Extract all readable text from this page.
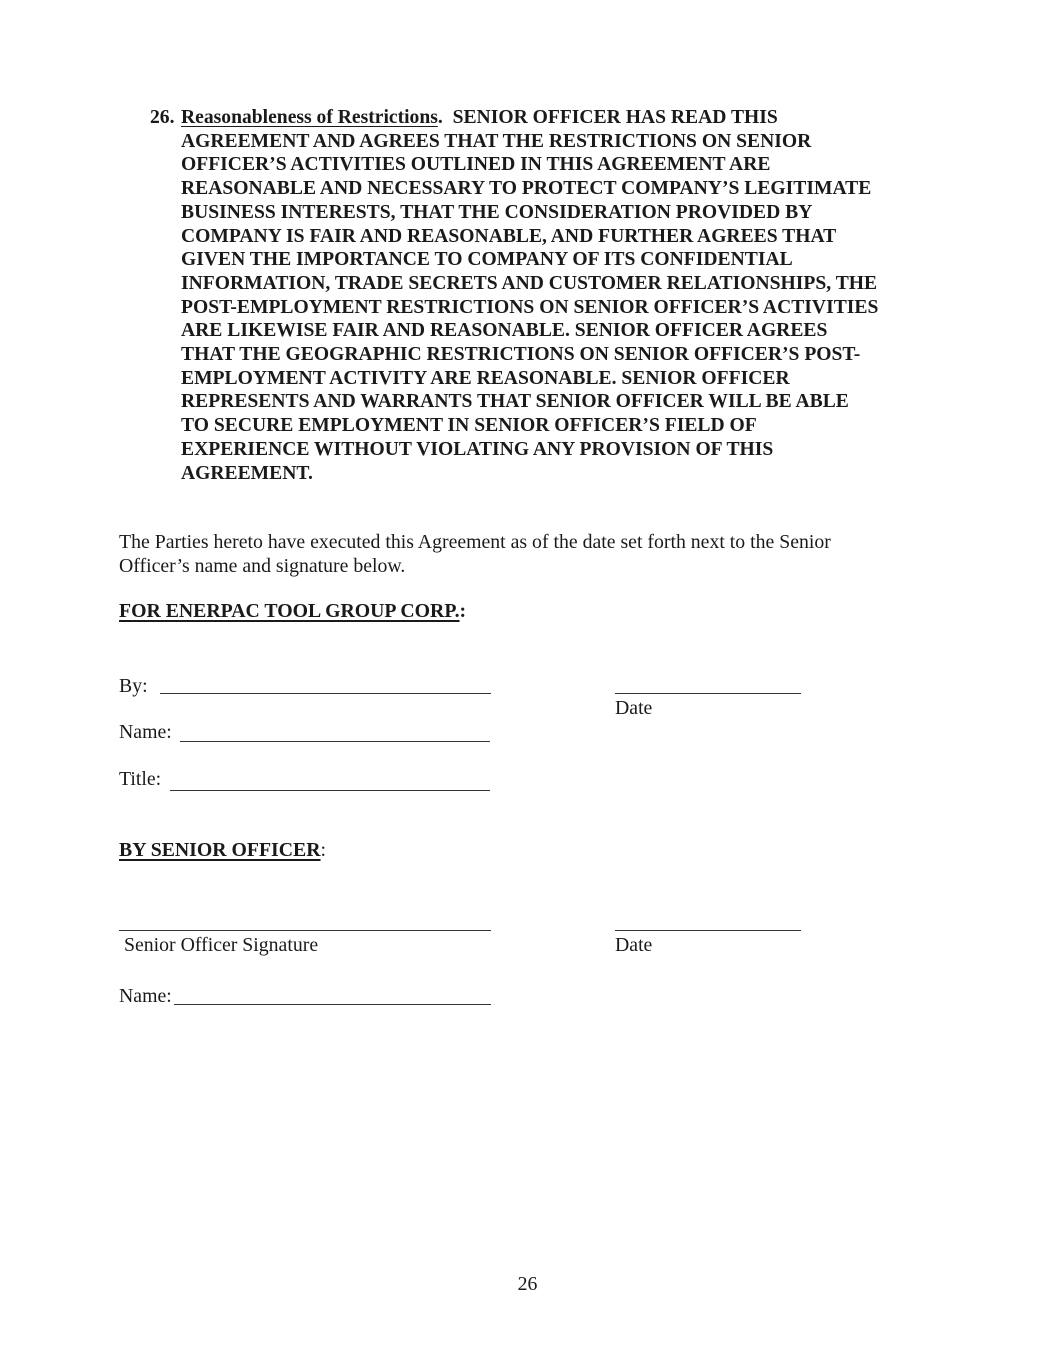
26. Reasonableness of Restrictions. SENIOR OFFICER HAS READ THIS
AGREEMENT AND AGREES THAT THE RESTRICTIONS ON SENIOR
OFFICER’S ACTIVITIES OUTLINED IN THIS AGREEMENT ARE
REASONABLE AND NECESSARY TO PROTECT COMPANY’S LEGITIMATE
BUSINESS INTERESTS, THAT THE CONSIDERATION PROVIDED BY
COMPANY IS FAIR AND REASONABLE, AND FURTHER AGREES THAT
GIVEN THE IMPORTANCE TO COMPANY OF ITS CONFIDENTIAL
INFORMATION, TRADE SECRETS AND CUSTOMER RELATIONSHIPS, THE
POST-EMPLOYMENT RESTRICTIONS ON SENIOR OFFICER’S ACTIVITIES
ARE LIKEWISE FAIR AND REASONABLE. SENIOR OFFICER AGREES
THAT THE GEOGRAPHIC RESTRICTIONS ON SENIOR OFFICER’S POST-
EMPLOYMENT ACTIVITY ARE REASONABLE. SENIOR OFFICER
REPRESENTS AND WARRANTS THAT SENIOR OFFICER WILL BE ABLE
TO SECURE EMPLOYMENT IN SENIOR OFFICER’S FIELD OF
EXPERIENCE WITHOUT VIOLATING ANY PROVISION OF THIS
AGREEMENT.
The Parties hereto have executed this Agreement as of the date set forth next to the Senior
Officer’s name and signature below.
FOR ENERPAC TOOL GROUP CORP.:
By:
Date
Name:
Title:
BY SENIOR OFFICER:
Senior Officer Signature	Date
Name:
26
